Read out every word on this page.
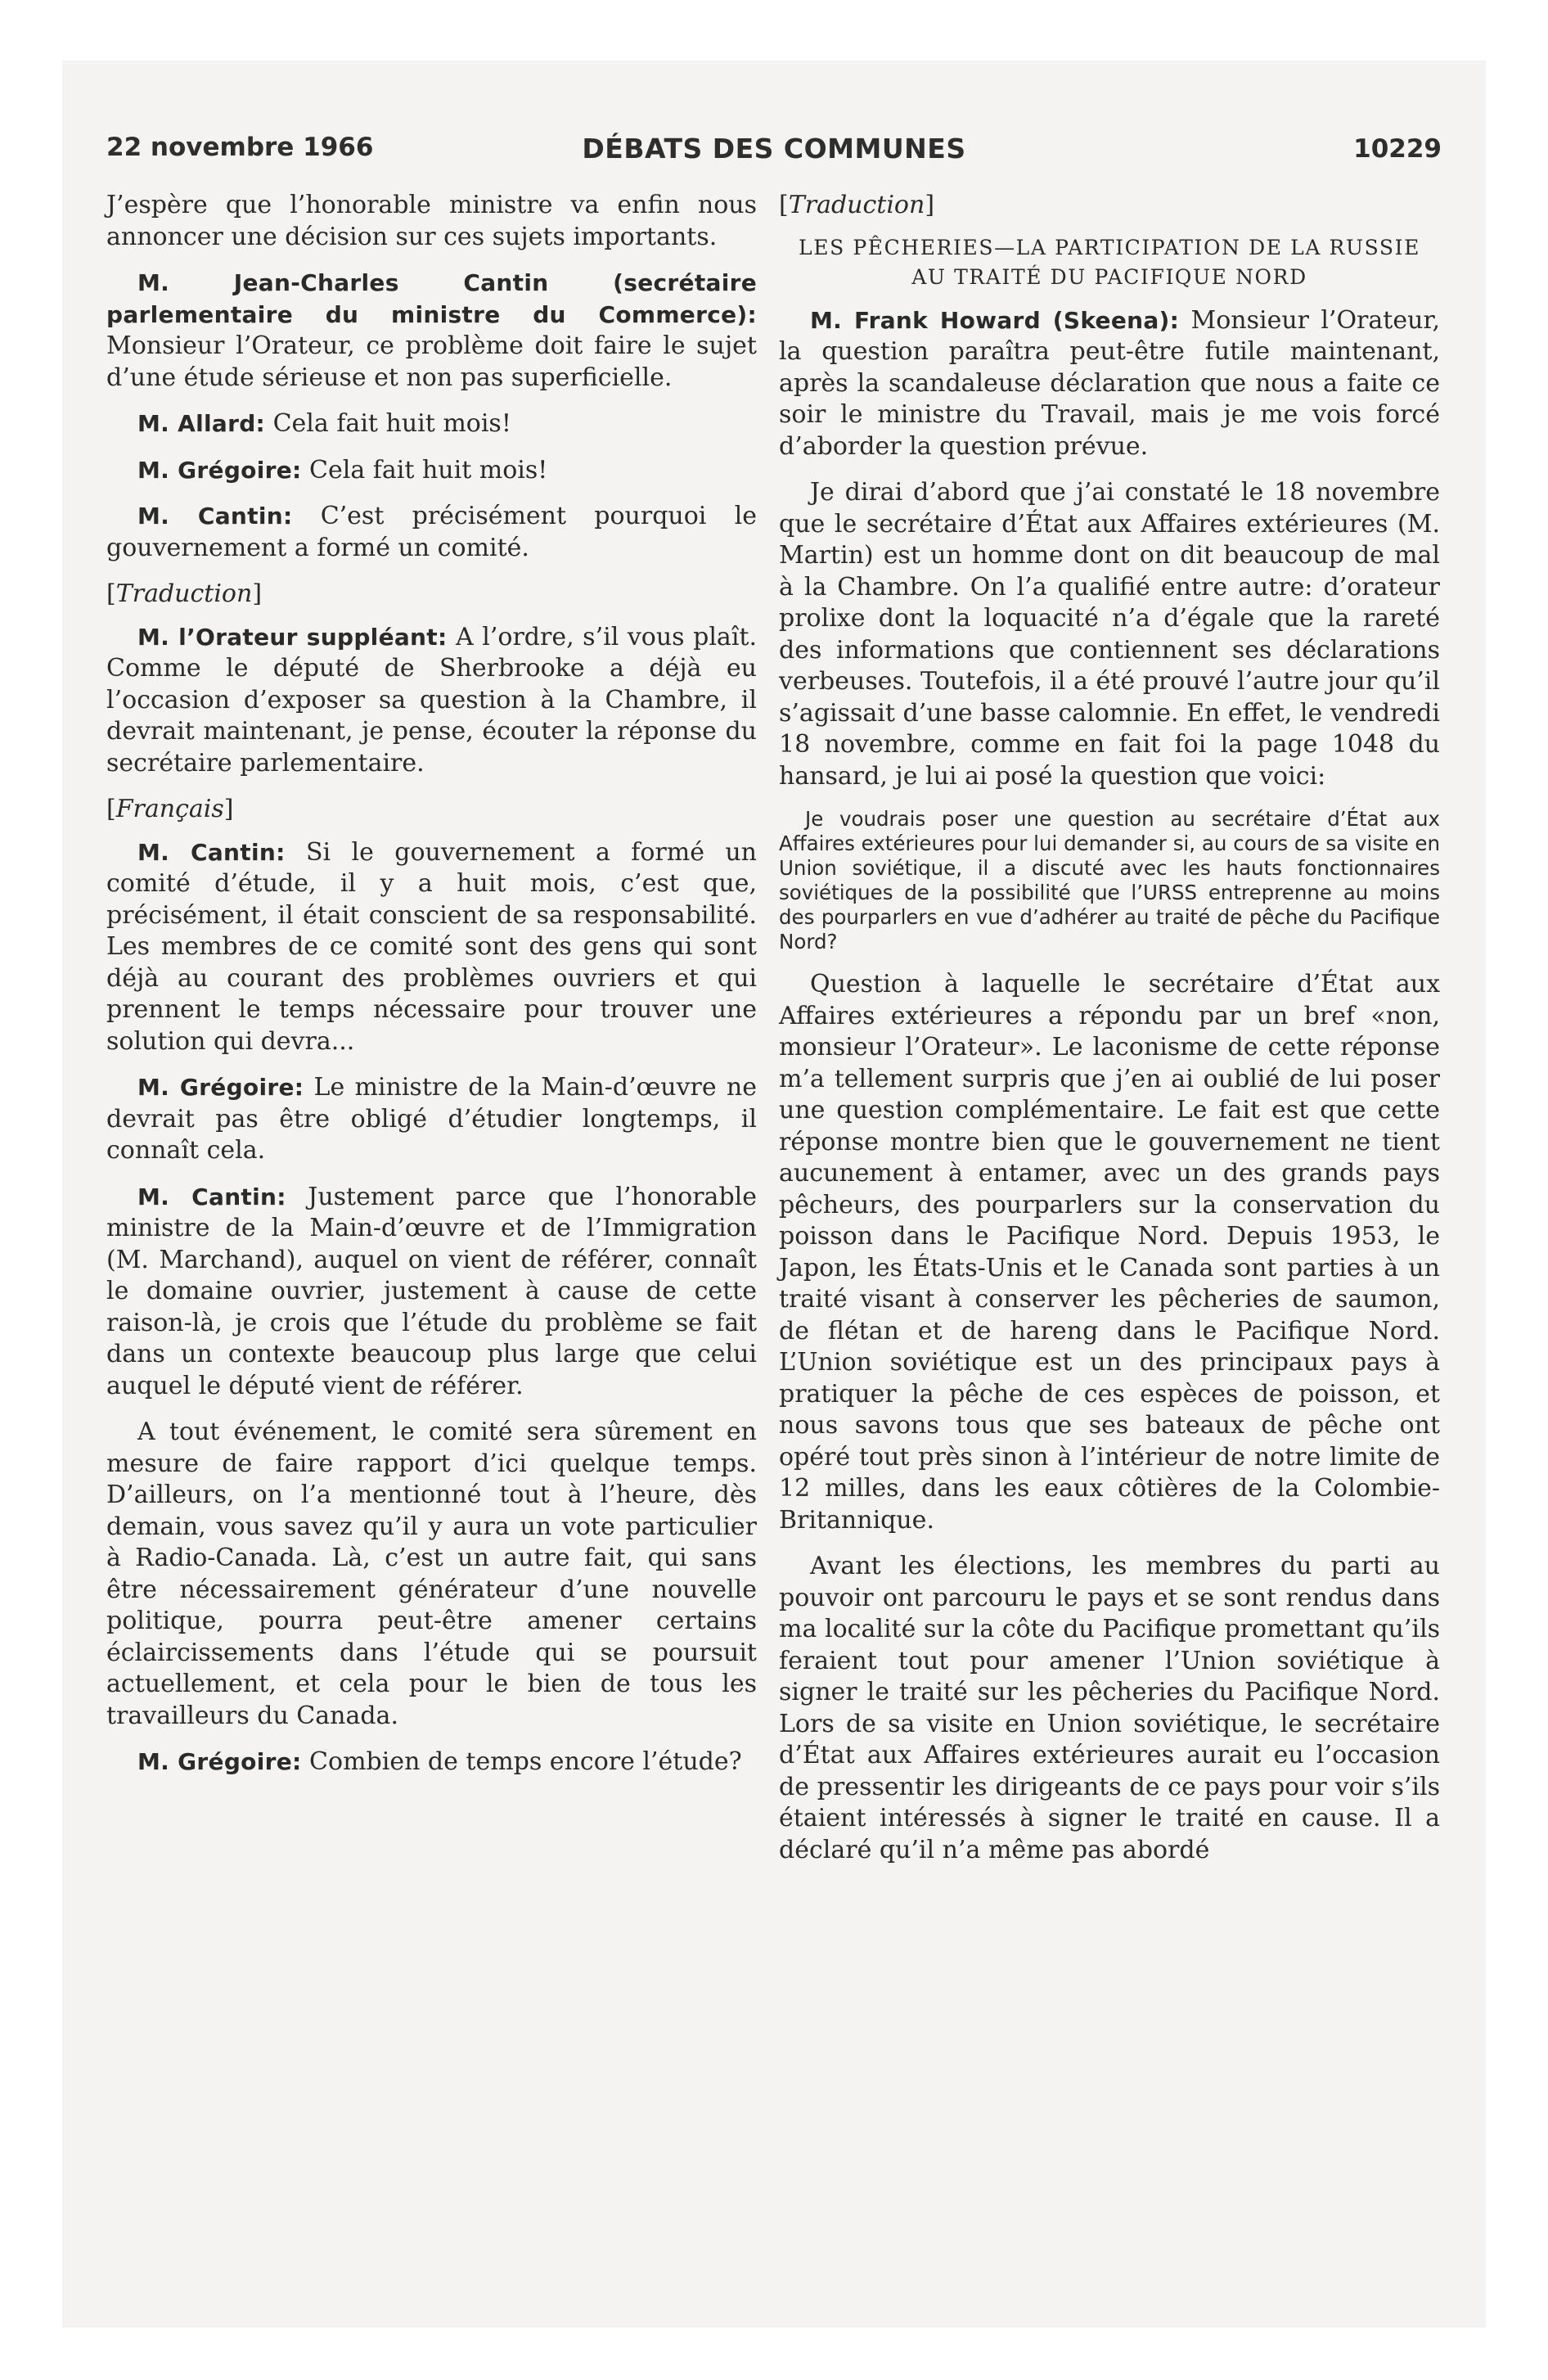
22 novembre 1966	DÉBATS DES COMMUNES	10229

J’espère que l’honorable ministre va enfin nous annoncer une décision sur ces sujets importants.

M. Jean-Charles Cantin (secrétaire parlementaire du ministre du Commerce): Monsieur l’Orateur, ce problème doit faire le sujet d’une étude sérieuse et non pas superficielle.

M. Allard: Cela fait huit mois!

M. Grégoire: Cela fait huit mois!

M. Cantin: C’est précisément pourquoi le gouvernement a formé un comité.

[Traduction]

M. l’Orateur suppléant: A l’ordre, s’il vous plaît. Comme le député de Sherbrooke a déjà eu l’occasion d’exposer sa question à la Chambre, il devrait maintenant, je pense, écouter la réponse du secrétaire parlementaire.

[Français]

M. Cantin: Si le gouvernement a formé un comité d’étude, il y a huit mois, c’est que, précisément, il était conscient de sa responsabilité. Les membres de ce comité sont des gens qui sont déjà au courant des problèmes ouvriers et qui prennent le temps nécessaire pour trouver une solution qui devra...

M. Grégoire: Le ministre de la Main-d’œuvre ne devrait pas être obligé d’étudier longtemps, il connaît cela.

M. Cantin: Justement parce que l’honorable ministre de la Main-d’œuvre et de l’Immigration (M. Marchand), auquel on vient de référer, connaît le domaine ouvrier, justement à cause de cette raison-là, je crois que l’étude du problème se fait dans un contexte beaucoup plus large que celui auquel le député vient de référer.

A tout événement, le comité sera sûrement en mesure de faire rapport d’ici quelque temps. D’ailleurs, on l’a mentionné tout à l’heure, dès demain, vous savez qu’il y aura un vote particulier à Radio-Canada. Là, c’est un autre fait, qui sans être nécessairement générateur d’une nouvelle politique, pourra peut-être amener certains éclaircissements dans l’étude qui se poursuit actuellement, et cela pour le bien de tous les travailleurs du Canada.

M. Grégoire: Combien de temps encore l’étude?

[Traduction]

LES PÊCHERIES—LA PARTICIPATION DE LA RUSSIE AU TRAITÉ DU PACIFIQUE NORD

M. Frank Howard (Skeena): Monsieur l’Orateur, la question paraîtra peut-être futile maintenant, après la scandaleuse déclaration que nous a faite ce soir le ministre du Travail, mais je me vois forcé d’aborder la question prévue.

Je dirai d’abord que j’ai constaté le 18 novembre que le secrétaire d’État aux Affaires extérieures (M. Martin) est un homme dont on dit beaucoup de mal à la Chambre. On l’a qualifié entre autre: d’orateur prolixe dont la loquacité n’a d’égale que la rareté des informations que contiennent ses déclarations verbeuses. Toutefois, il a été prouvé l’autre jour qu’il s’agissait d’une basse calomnie. En effet, le vendredi 18 novembre, comme en fait foi la page 1048 du hansard, je lui ai posé la question que voici:

Je voudrais poser une question au secrétaire d’État aux Affaires extérieures pour lui demander si, au cours de sa visite en Union soviétique, il a discuté avec les hauts fonctionnaires soviétiques de la possibilité que l’URSS entreprenne au moins des pourparlers en vue d’adhérer au traité de pêche du Pacifique Nord?

Question à laquelle le secrétaire d’État aux Affaires extérieures a répondu par un bref «non, monsieur l’Orateur». Le laconisme de cette réponse m’a tellement surpris que j’en ai oublié de lui poser une question complémentaire. Le fait est que cette réponse montre bien que le gouvernement ne tient aucunement à entamer, avec un des grands pays pêcheurs, des pourparlers sur la conservation du poisson dans le Pacifique Nord. Depuis 1953, le Japon, les États-Unis et le Canada sont parties à un traité visant à conserver les pêcheries de saumon, de flétan et de hareng dans le Pacifique Nord. L’Union soviétique est un des principaux pays à pratiquer la pêche de ces espèces de poisson, et nous savons tous que ses bateaux de pêche ont opéré tout près sinon à l’intérieur de notre limite de 12 milles, dans les eaux côtières de la Colombie-Britannique.

Avant les élections, les membres du parti au pouvoir ont parcouru le pays et se sont rendus dans ma localité sur la côte du Pacifique promettant qu’ils feraient tout pour amener l’Union soviétique à signer le traité sur les pêcheries du Pacifique Nord. Lors de sa visite en Union soviétique, le secrétaire d’État aux Affaires extérieures aurait eu l’occasion de pressentir les dirigeants de ce pays pour voir s’ils étaient intéressés à signer le traité en cause. Il a déclaré qu’il n’a même pas abordé
